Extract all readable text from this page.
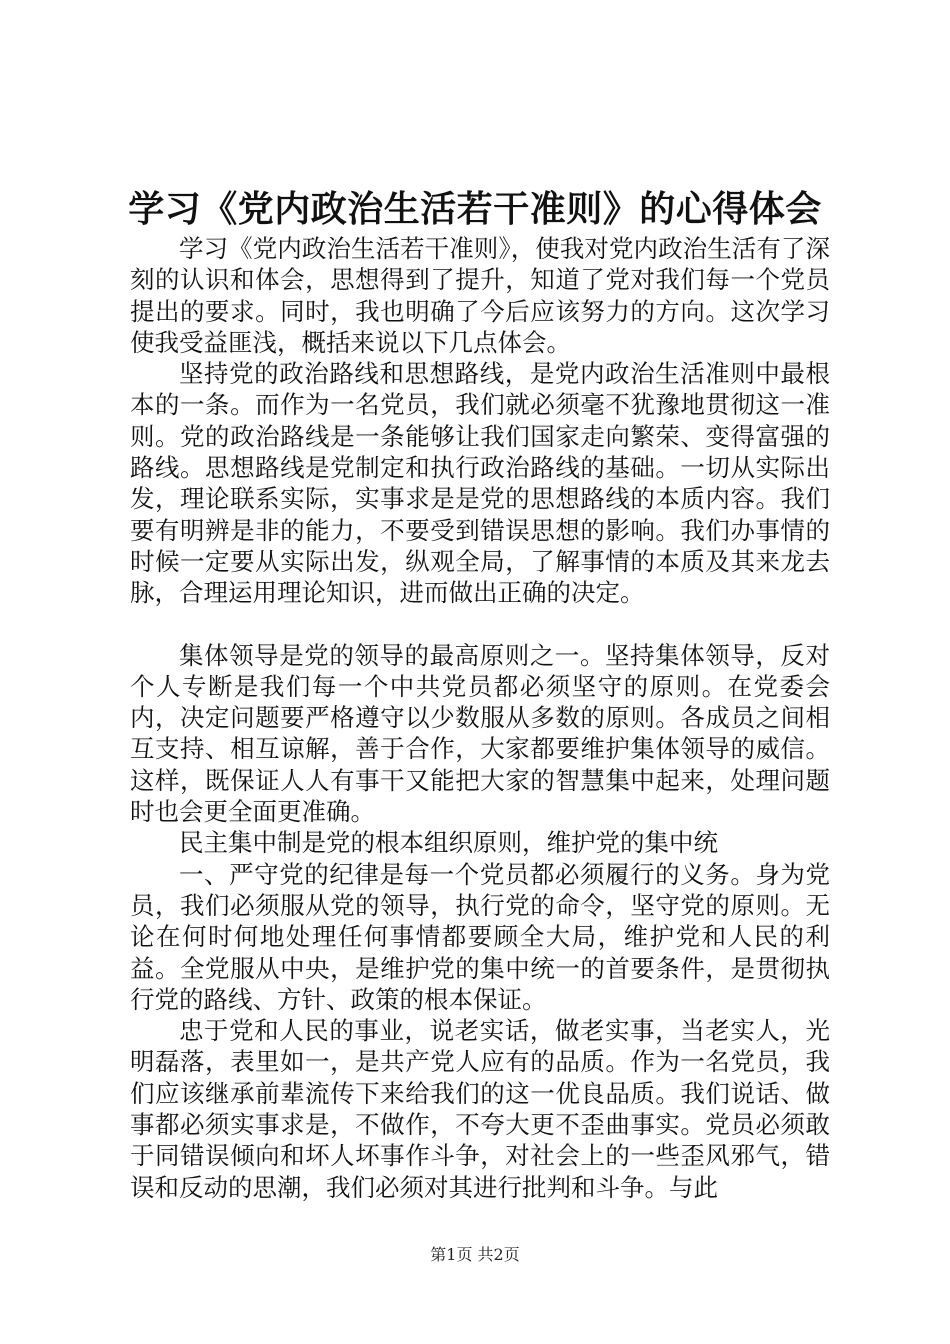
学习《党内政治生活若干准则》的心得体会

学习《党内政治生活若干准则》，使我对党内政治生活有了深刻的认识和体会，思想得到了提升，知道了党对我们每一个党员提出的要求。同时，我也明确了今后应该努力的方向。这次学习使我受益匪浅，概括来说以下几点体会。

坚持党的政治路线和思想路线，是党内政治生活准则中最根本的一条。而作为一名党员，我们就必须毫不犹豫地贯彻这一准则。党的政治路线是一条能够让我们国家走向繁荣、变得富强的路线。思想路线是党制定和执行政治路线的基础。一切从实际出发，理论联系实际，实事求是是党的思想路线的本质内容。我们要有明辨是非的能力，不要受到错误思想的影响。我们办事情的时候一定要从实际出发，纵观全局，了解事情的本质及其来龙去脉，合理运用理论知识，进而做出正确的决定。

集体领导是党的领导的最高原则之一。坚持集体领导，反对个人专断是我们每一个中共党员都必须坚守的原则。在党委会内，决定问题要严格遵守以少数服从多数的原则。各成员之间相互支持、相互谅解，善于合作，大家都要维护集体领导的威信。这样，既保证人人有事干又能把大家的智慧集中起来，处理问题时也会更全面更准确。

民主集中制是党的根本组织原则，维护党的集中统

一、严守党的纪律是每一个党员都必须履行的义务。身为党员，我们必须服从党的领导，执行党的命令，坚守党的原则。无论在何时何地处理任何事情都要顾全大局，维护党和人民的利益。全党服从中央，是维护党的集中统一的首要条件，是贯彻执行党的路线、方针、政策的根本保证。

忠于党和人民的事业，说老实话，做老实事，当老实人，光明磊落，表里如一，是共产党人应有的品质。作为一名党员，我们应该继承前辈流传下来给我们的这一优良品质。我们说话、做事都必须实事求是，不做作，不夸大更不歪曲事实。党员必须敢于同错误倾向和坏人坏事作斗争，对社会上的一些歪风邪气，错误和反动的思潮，我们必须对其进行批判和斗争。与此

第1页 共2页
